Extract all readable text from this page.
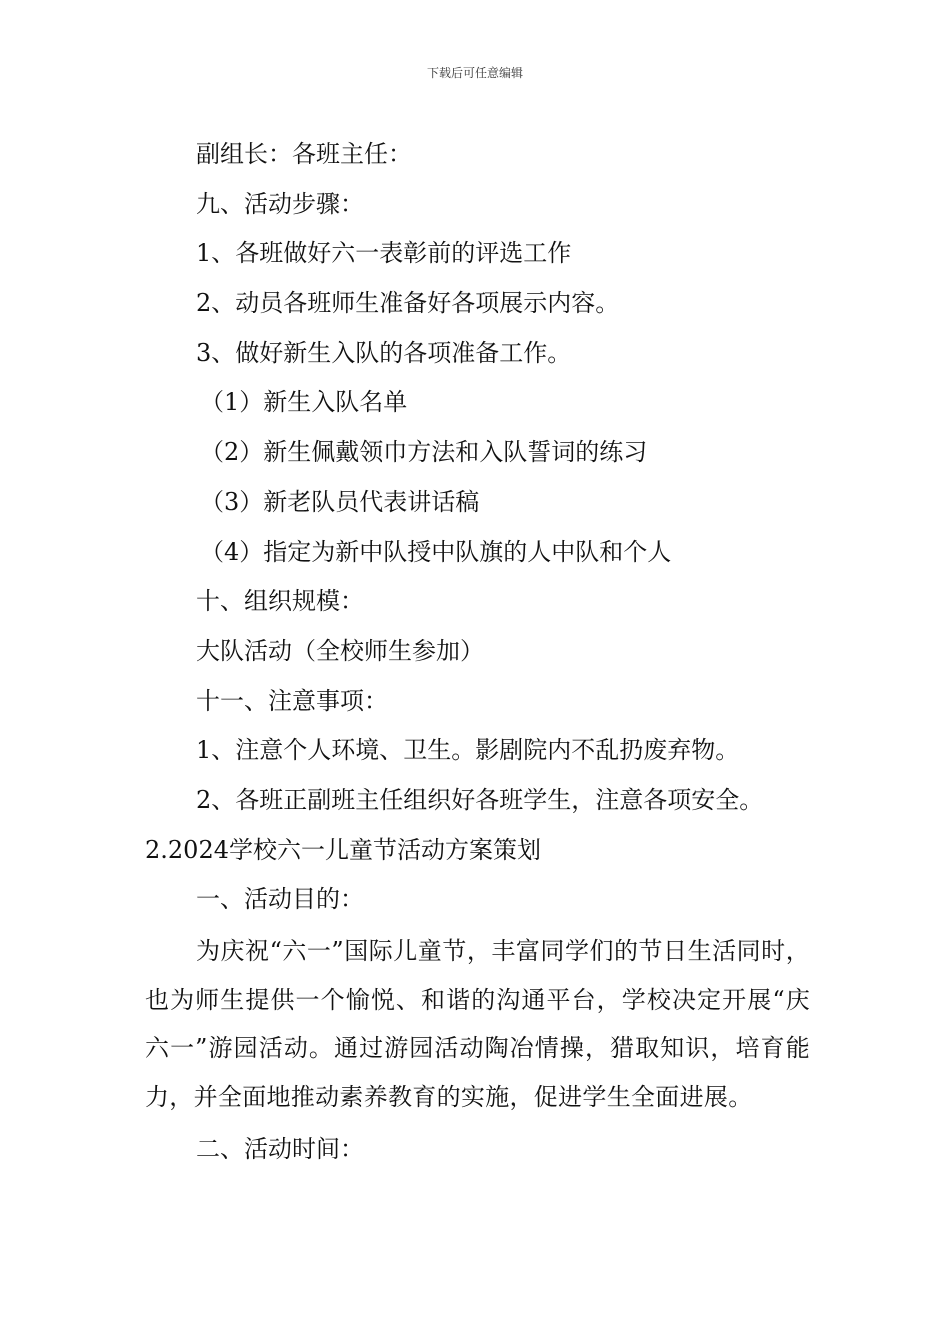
下载后可任意编辑
副组长：各班主任：
九、活动步骤：
1、各班做好六一表彰前的评选工作
2、动员各班师生准备好各项展示内容。
3、做好新生入队的各项准备工作。
（1）新生入队名单
（2）新生佩戴领巾方法和入队誓词的练习
（3）新老队员代表讲话稿
（4）指定为新中队授中队旗的人中队和个人
十、组织规模：
大队活动（全校师生参加）
十一、注意事项：
1、注意个人环境、卫生。影剧院内不乱扔废弃物。
2、各班正副班主任组织好各班学生，注意各项安全。
2.2024学校六一儿童节活动方案策划
一、活动目的：
为庆祝“六一”国际儿童节，丰富同学们的节日生活同时，也为师生提供一个愉悦、和谐的沟通平台，学校决定开展“庆六一”游园活动。通过游园活动陶冶情操，猎取知识，培育能力，并全面地推动素养教育的实施，促进学生全面进展。
二、活动时间：
